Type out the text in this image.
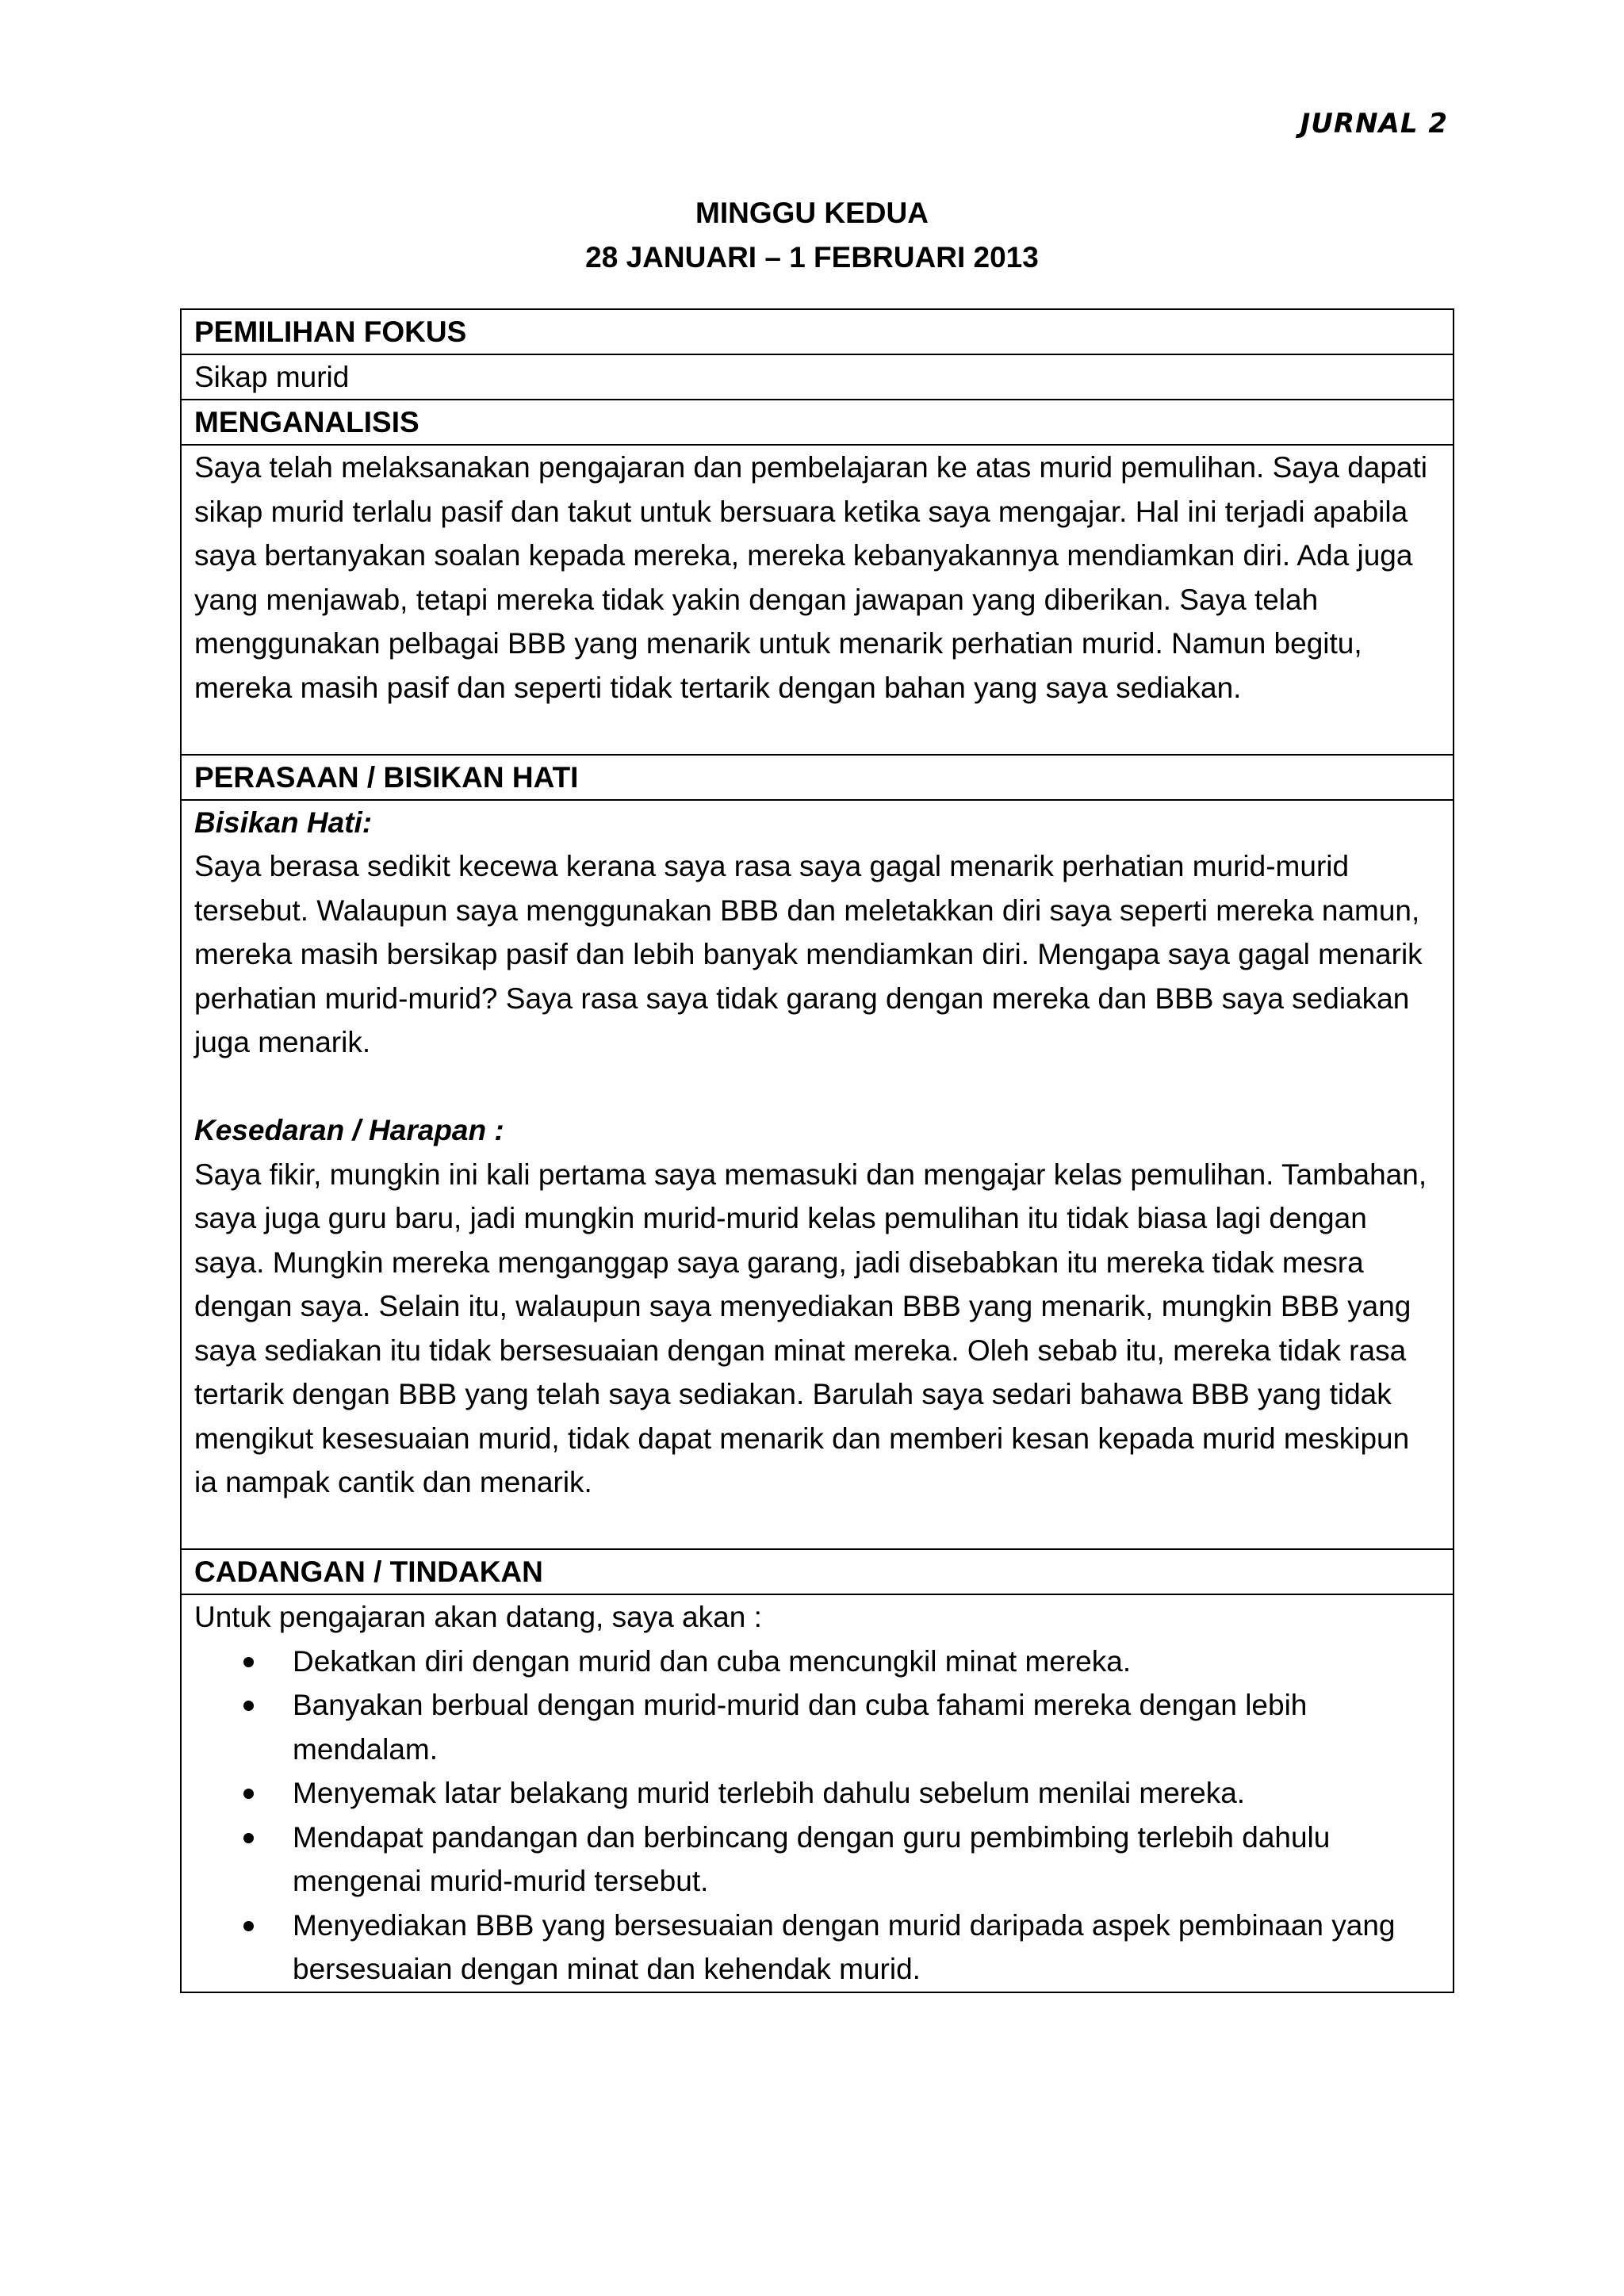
JURNAL 2
MINGGU KEDUA
28 JANUARI – 1 FEBRUARI 2013
PEMILIHAN FOKUS
Sikap murid
MENGANALISIS

Saya telah melaksanakan pengajaran dan pembelajaran ke atas murid pemulihan. Saya dapati sikap murid terlalu pasif dan takut untuk bersuara ketika saya mengajar. Hal ini terjadi apabila saya bertanyakan soalan kepada mereka, mereka kebanyakannya mendiamkan diri. Ada juga yang menjawab, tetapi mereka tidak yakin dengan jawapan yang diberikan. Saya telah menggunakan pelbagai BBB yang menarik untuk menarik perhatian murid. Namun begitu, mereka masih pasif dan seperti tidak tertarik dengan bahan yang saya sediakan.

PERASAAN / BISIKAN HATI
Bisikan Hati:

Saya berasa sedikit kecewa kerana saya rasa saya gagal menarik perhatian murid-murid tersebut. Walaupun saya menggunakan BBB dan meletakkan diri saya seperti mereka namun, mereka masih bersikap pasif dan lebih banyak mendiamkan diri. Mengapa saya gagal menarik perhatian murid-murid? Saya rasa saya tidak garang dengan mereka dan BBB saya sediakan juga menarik.

Kesedaran / Harapan :

Saya fikir, mungkin ini kali pertama saya memasuki dan mengajar kelas pemulihan. Tambahan, saya juga guru baru, jadi mungkin murid-murid kelas pemulihan itu tidak biasa lagi dengan saya. Mungkin mereka menganggap saya garang, jadi disebabkan itu mereka tidak mesra dengan saya. Selain itu, walaupun saya menyediakan BBB yang menarik, mungkin BBB yang saya sediakan itu tidak bersesuaian dengan minat mereka. Oleh sebab itu, mereka tidak rasa tertarik dengan BBB yang telah saya sediakan. Barulah saya sedari bahawa BBB yang tidak mengikut kesesuaian murid, tidak dapat menarik dan memberi kesan kepada murid meskipun ia nampak cantik dan menarik.

CADANGAN / TINDAKAN
Untuk pengajaran akan datang, saya akan :
Dekatkan diri dengan murid dan cuba mencungkil minat mereka.
Banyakan berbual dengan murid-murid dan cuba fahami mereka dengan lebih mendalam.
Menyemak latar belakang murid terlebih dahulu sebelum menilai mereka.
Mendapat pandangan dan berbincang dengan guru pembimbing terlebih dahulu mengenai murid-murid tersebut.
Menyediakan BBB yang bersesuaian dengan murid daripada aspek pembinaan yang bersesuaian dengan minat dan kehendak murid.
